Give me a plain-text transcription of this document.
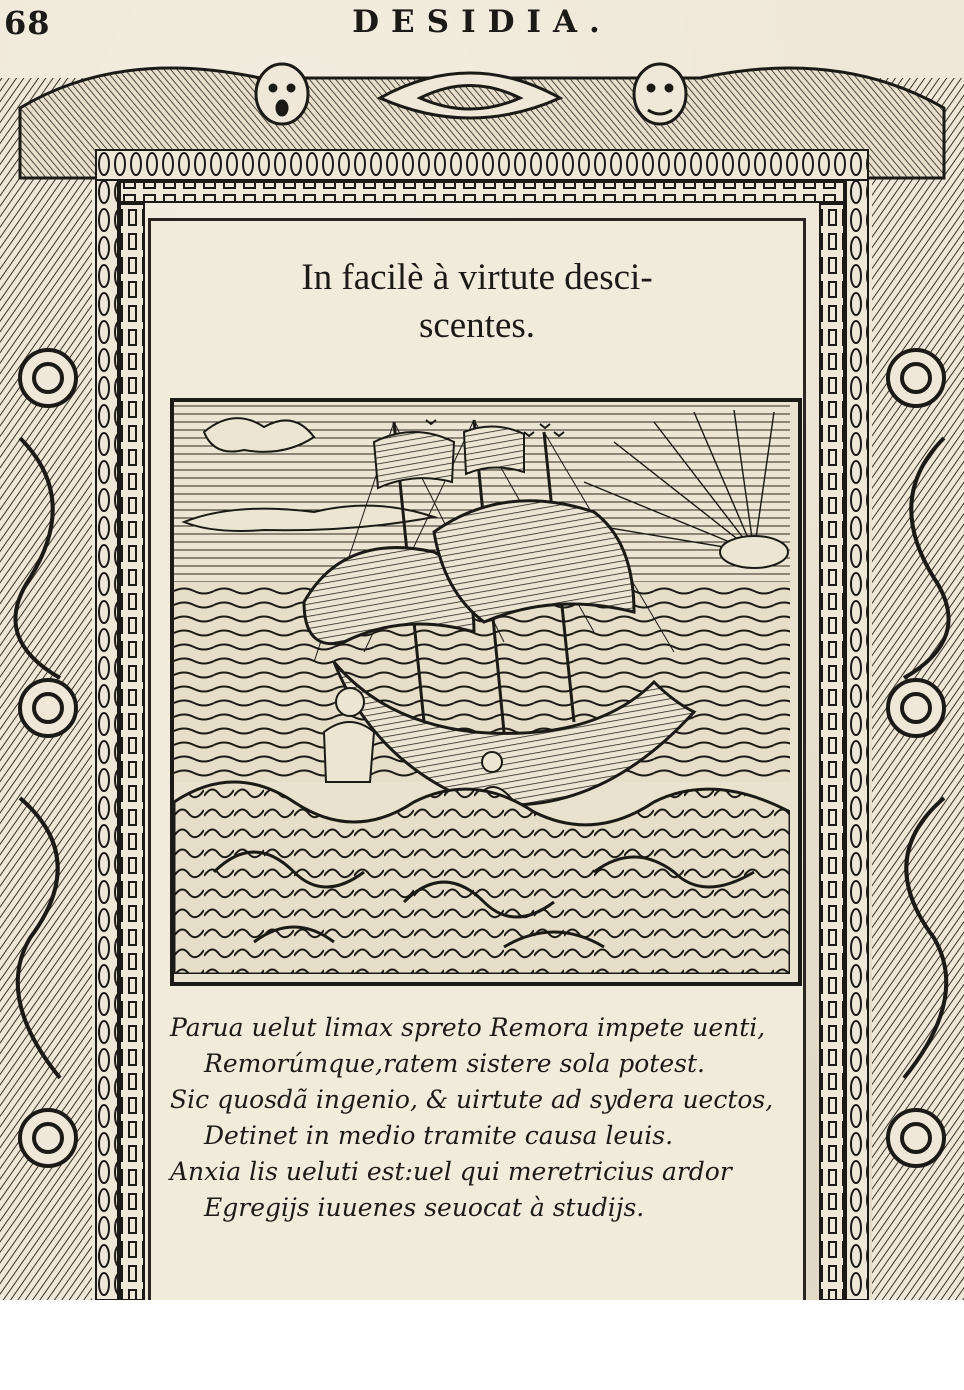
68	DESIDIA.
In facilè à virtute desci-
scentes.
Parua uelut limax spreto Remora impete uenti,
Remorúmque,ratem sistere sola potest.
Sic quosdã ingenio, & uirtute ad sydera uectos,
Detinet in medio tramite causa leuis.
Anxia lis ueluti est:uel qui meretricius ardor
Egregijs iuuenes seuocat à studijs.
